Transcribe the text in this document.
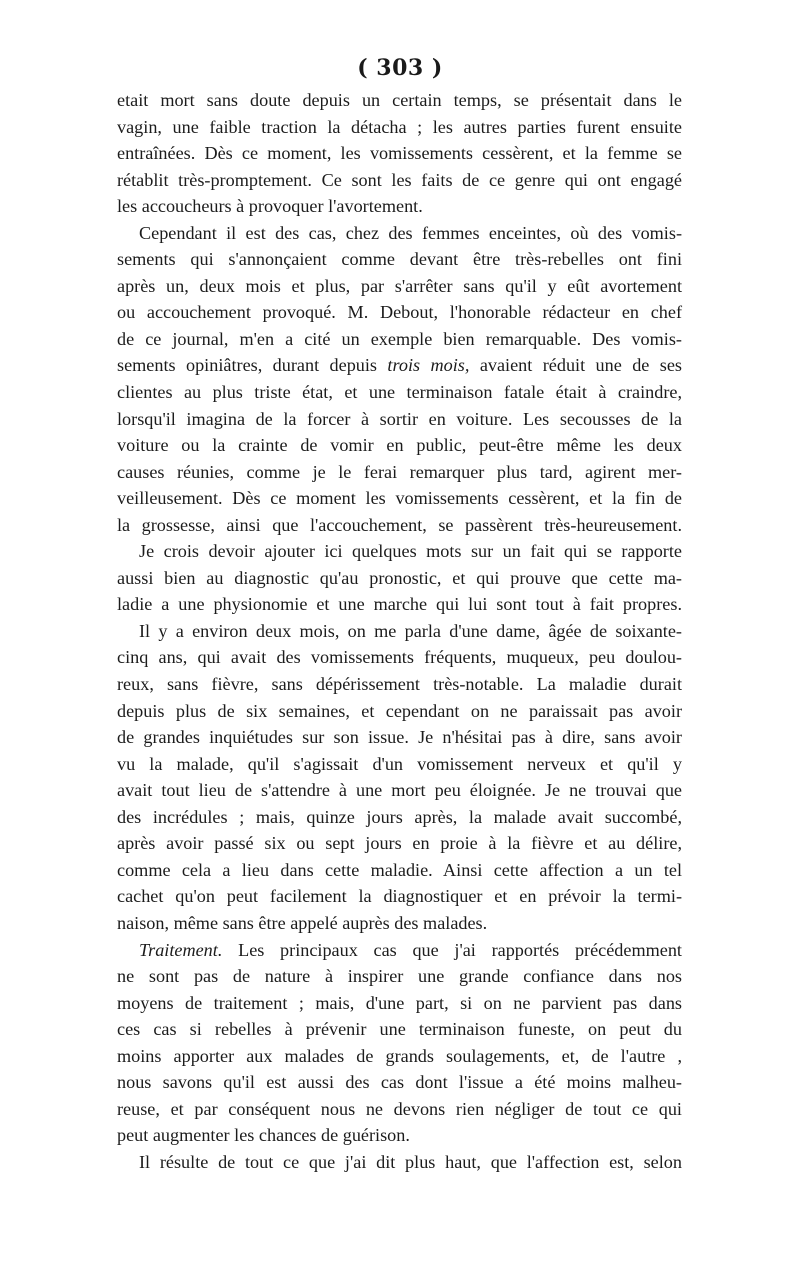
( 303 )
etait mort sans doute depuis un certain temps, se présentait dans le
vagin, une faible traction la détacha ; les autres parties furent ensuite
entraînées. Dès ce moment, les vomissements cessèrent, et la femme se
rétablit très-promptement. Ce sont les faits de ce genre qui ont engagé
les accoucheurs à provoquer l'avortement.
Cependant il est des cas, chez des femmes enceintes, où des vomis-
sements qui s'annonçaient comme devant être très-rebelles ont fini
après un, deux mois et plus, par s'arrêter sans qu'il y eût avortement
ou accouchement provoqué. M. Debout, l'honorable rédacteur en chef
de ce journal, m'en a cité un exemple bien remarquable. Des vomis-
sements opiniâtres, durant depuis trois mois, avaient réduit une de ses
clientes au plus triste état, et une terminaison fatale était à craindre,
lorsqu'il imagina de la forcer à sortir en voiture. Les secousses de la
voiture ou la crainte de vomir en public, peut-être même les deux
causes réunies, comme je le ferai remarquer plus tard, agirent mer-
veilleusement. Dès ce moment les vomissements cessèrent, et la fin de
la grossesse, ainsi que l'accouchement, se passèrent très-heureusement.
Je crois devoir ajouter ici quelques mots sur un fait qui se rapporte
aussi bien au diagnostic qu'au pronostic, et qui prouve que cette ma-
ladie a une physionomie et une marche qui lui sont tout à fait propres.
Il y a environ deux mois, on me parla d'une dame, âgée de soixante-
cinq ans, qui avait des vomissements fréquents, muqueux, peu doulou-
reux, sans fièvre, sans dépérissement très-notable. La maladie durait
depuis plus de six semaines, et cependant on ne paraissait pas avoir
de grandes inquiétudes sur son issue. Je n'hésitai pas à dire, sans avoir
vu la malade, qu'il s'agissait d'un vomissement nerveux et qu'il y
avait tout lieu de s'attendre à une mort peu éloignée. Je ne trouvai que
des incrédules ; mais, quinze jours après, la malade avait succombé,
après avoir passé six ou sept jours en proie à la fièvre et au délire,
comme cela a lieu dans cette maladie. Ainsi cette affection a un tel
cachet qu'on peut facilement la diagnostiquer et en prévoir la termi-
naison, même sans être appelé auprès des malades.
Traitement. Les principaux cas que j'ai rapportés précédemment
ne sont pas de nature à inspirer une grande confiance dans nos
moyens de traitement ; mais, d'une part, si on ne parvient pas dans
ces cas si rebelles à prévenir une terminaison funeste, on peut du
moins apporter aux malades de grands soulagements, et, de l'autre ,
nous savons qu'il est aussi des cas dont l'issue a été moins malheu-
reuse, et par conséquent nous ne devons rien négliger de tout ce qui
peut augmenter les chances de guérison.
Il résulte de tout ce que j'ai dit plus haut, que l'affection est, selon
